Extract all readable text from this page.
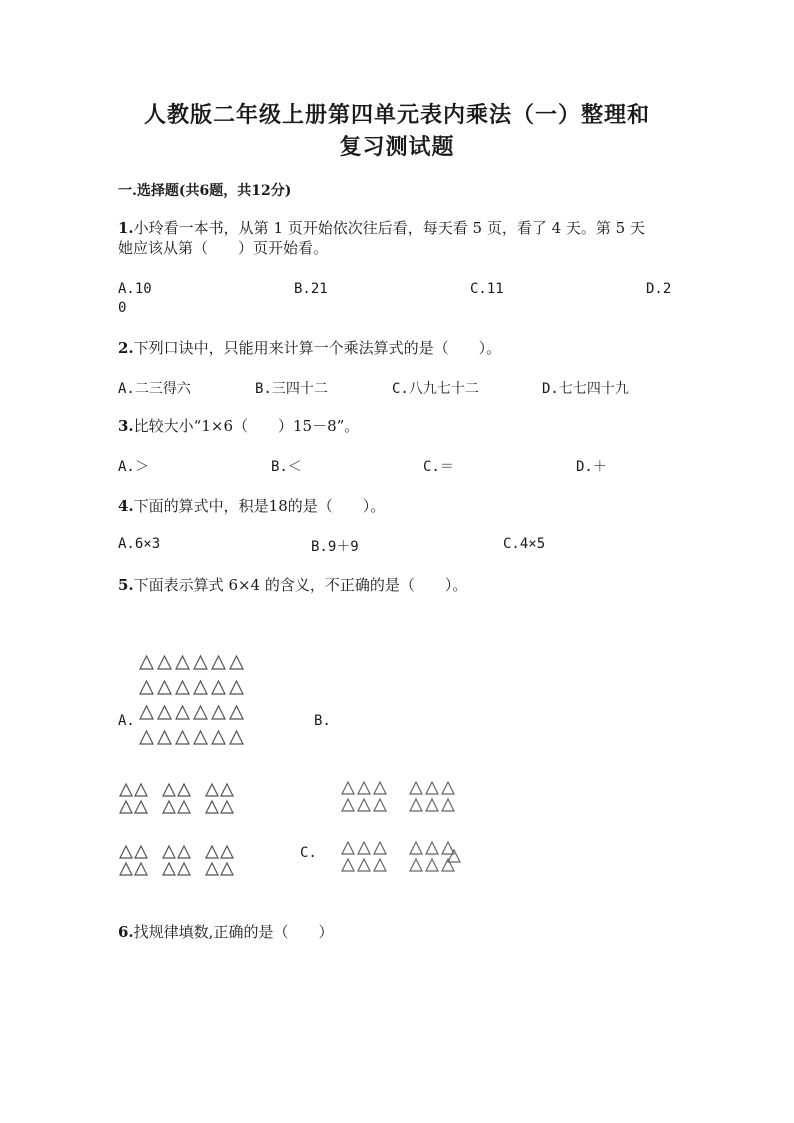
人教版二年级上册第四单元表内乘法（一）整理和
复习测试题
一.选择题(共6题，共12分)
1.小玲看一本书，从第 1 页开始依次往后看，每天看 5 页，看了 4 天。第 5 天
她应该从第（　　）页开始看。
A.10	B.21	C.11	D.2
0
2.下列口诀中，只能用来计算一个乘法算式的是（　　）。
A.二三得六	B.三四十二	C.八九七十二	D.七七四十九
3.比较大小“1×6（　　）15－8”。
A.＞	B.＜	C.＝	D.＋
4.下面的算式中，积是18的是（　　）。
A.6×3	B.9＋9	C.4×5
5.下面表示算式 6×4 的含义，不正确的是（　　）。
A.	B.
C.
6.找规律填数,正确的是（　　）
